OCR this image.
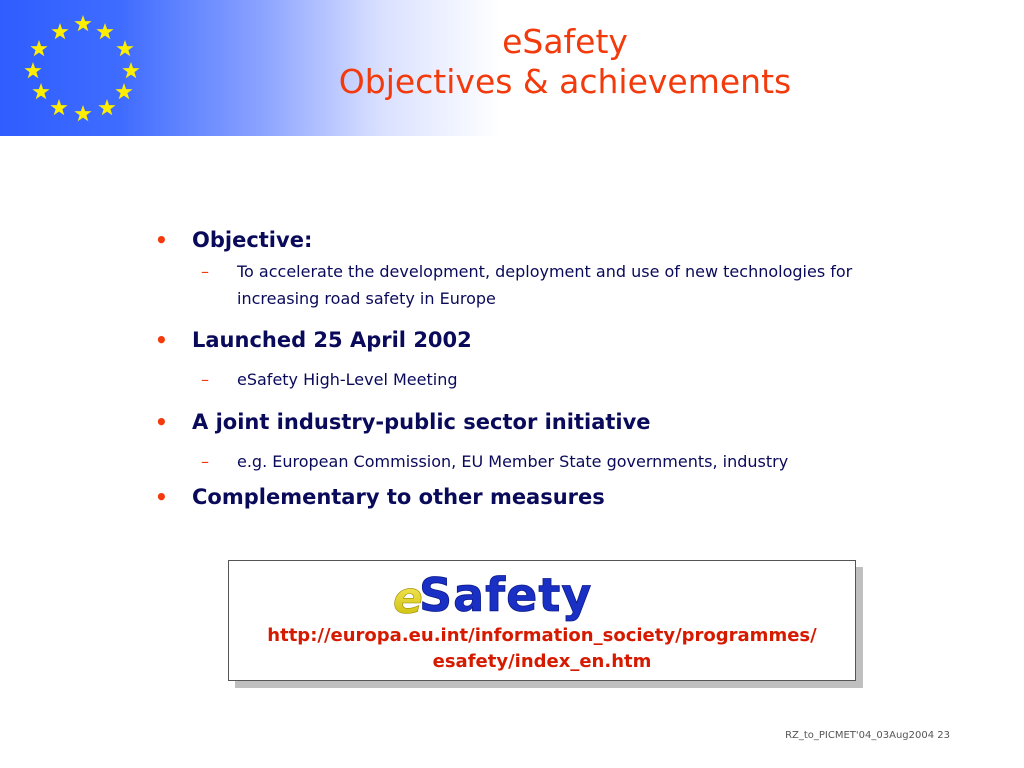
eSafety
Objectives & achievements
• Objective:
– To accelerate the development, deployment and use of new technologies for increasing road safety in Europe
• Launched 25 April 2002
– eSafety High-Level Meeting
• A joint industry-public sector initiative
– e.g. European Commission, EU Member State governments, industry
• Complementary to other measures
e
Safety
http://europa.eu.int/information_society/programmes/
esafety/index_en.htm
RZ_to_PICMET'04_03Aug2004 23
